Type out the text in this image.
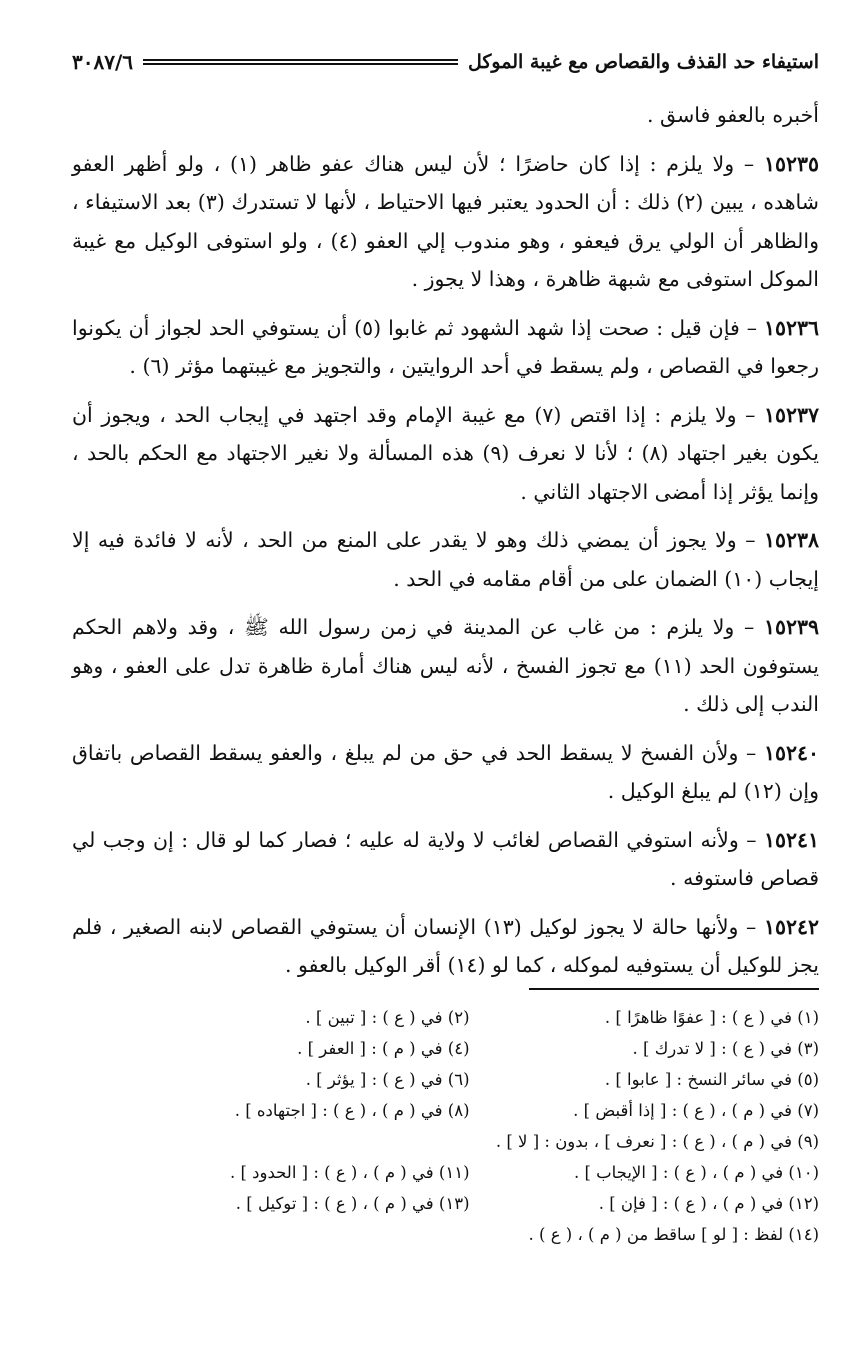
استيفاء حد القذف والقصاص مع غيبة الموكل
٣٠٨٧/٦

أخبره بالعفو فاسق .

١٥٢٣٥ – ولا يلزم : إذا كان حاضرًا ؛ لأن ليس هناك عفو ظاهر (١) ، ولو أظهر العفو شاهده ، يبين (٢) ذلك : أن الحدود يعتبر فيها الاحتياط ، لأنها لا تستدرك (٣) بعد الاستيفاء ، والظاهر أن الولي يرق فيعفو ، وهو مندوب إلي العفو (٤) ، ولو استوفى الوكيل مع غيبة الموكل استوفى مع شبهة ظاهرة ، وهذا لا يجوز .

١٥٢٣٦ – فإن قيل : صحت إذا شهد الشهود ثم غابوا (٥) أن يستوفي الحد لجواز أن يكونوا رجعوا في القصاص ، ولم يسقط في أحد الروايتين ، والتجويز مع غيبتهما مؤثر (٦) .

١٥٢٣٧ – ولا يلزم : إذا اقتص (٧) مع غيبة الإمام وقد اجتهد في إيجاب الحد ، ويجوز أن يكون بغير اجتهاد (٨) ؛ لأنا لا نعرف (٩) هذه المسألة ولا نغير الاجتهاد مع الحكم بالحد ، وإنما يؤثر إذا أمضى الاجتهاد الثاني .

١٥٢٣٨ – ولا يجوز أن يمضي ذلك وهو لا يقدر على المنع من الحد ، لأنه لا فائدة فيه إلا إيجاب (١٠) الضمان على من أقام مقامه في الحد .

١٥٢٣٩ – ولا يلزم : من غاب عن المدينة في زمن رسول الله ﷺ ، وقد ولاهم الحكم يستوفون الحد (١١) مع تجوز الفسخ ، لأنه ليس هناك أمارة ظاهرة تدل على العفو ، وهو الندب إلى ذلك .

١٥٢٤٠ – ولأن الفسخ لا يسقط الحد في حق من لم يبلغ ، والعفو يسقط القصاص باتفاق وإن (١٢) لم يبلغ الوكيل .

١٥٢٤١ – ولأنه استوفي القصاص لغائب لا ولاية له عليه ؛ فصار كما لو قال : إن وجب لي قصاص فاستوفه .

١٥٢٤٢ – ولأنها حالة لا يجوز لوكيل (١٣) الإنسان أن يستوفي القصاص لابنه الصغير ، فلم يجز للوكيل أن يستوفيه لموكله ، كما لو (١٤) أقر الوكيل بالعفو .

(١) في ( ع ) : [ عفوًا ظاهرًا ] .
(٢) في ( ع ) : [ تبين ] .
(٣) في ( ع ) : [ لا تدرك ] .
(٤) في ( م ) : [ العفر ] .
(٥) في سائر النسخ : [ عابوا ] .
(٦) في ( ع ) : [ يؤثر ] .
(٧) في ( م ) ، ( ع ) : [ إذا أقبض ] .
(٨) في ( م ) ، ( ع ) : [ اجتهاده ] .
(٩) في ( م ) ، ( ع ) : [ نعرف ] ، بدون : [ لا ] .
(١٠) في ( م ) ، ( ع ) : [ الإيجاب ] .
(١١) في ( م ) ، ( ع ) : [ الحدود ] .
(١٢) في ( م ) ، ( ع ) : [ فإن ] .
(١٣) في ( م ) ، ( ع ) : [ توكيل ] .
(١٤) لفظ : [ لو ] ساقط من ( م ) ، ( ع ) .
